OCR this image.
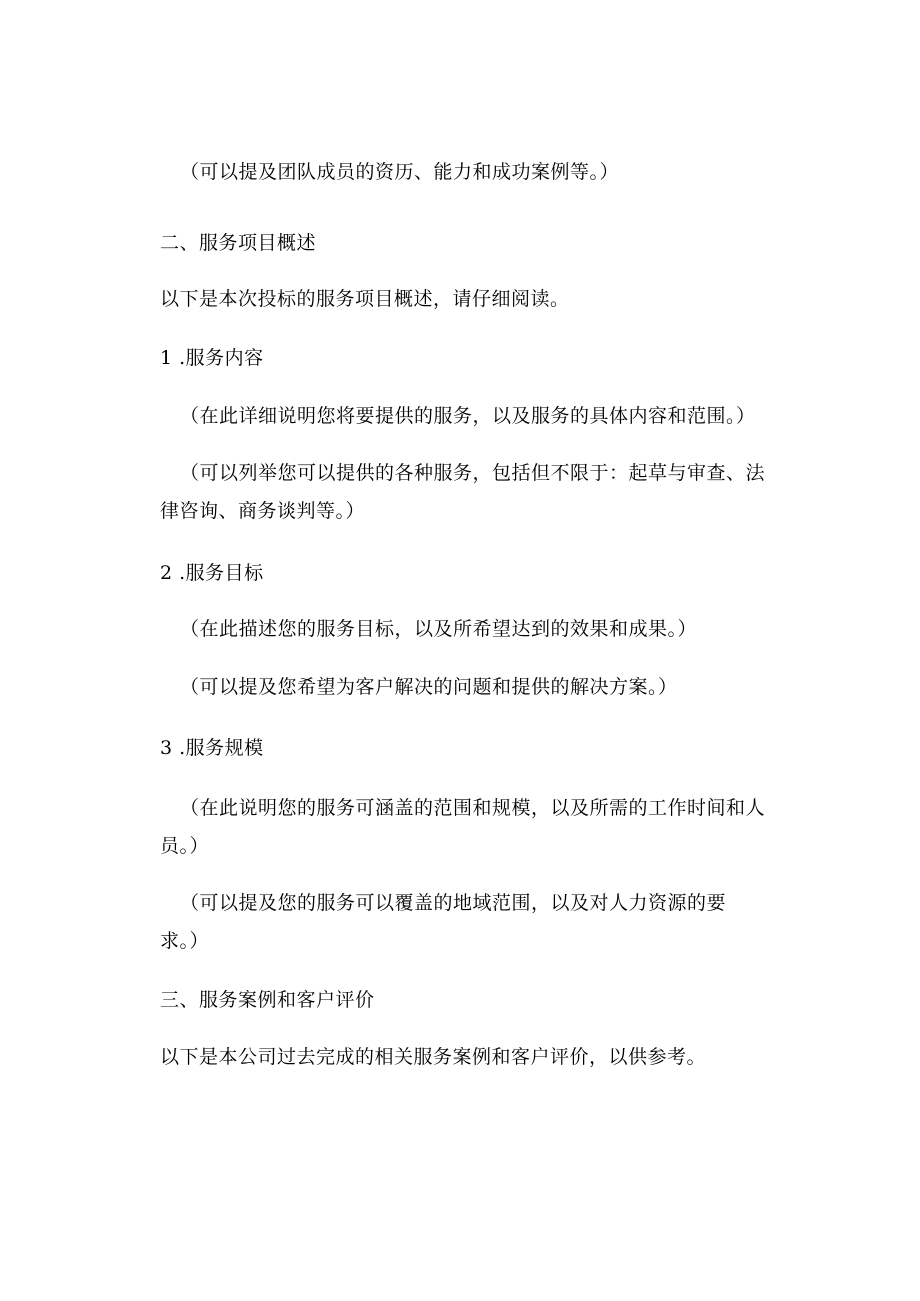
（可以提及团队成员的资历、能力和成功案例等。）
二、服务项目概述
以下是本次投标的服务项目概述，请仔细阅读。
1 .服务内容
（在此详细说明您将要提供的服务，以及服务的具体内容和范围。）
（可以列举您可以提供的各种服务，包括但不限于：起草与审查、法
律咨询、商务谈判等。）
2 .服务目标
（在此描述您的服务目标，以及所希望达到的效果和成果。）
（可以提及您希望为客户解决的问题和提供的解决方案。）
3 .服务规模
（在此说明您的服务可涵盖的范围和规模，以及所需的工作时间和人
员。）
（可以提及您的服务可以覆盖的地域范围，以及对人力资源的要
求。）
三、服务案例和客户评价
以下是本公司过去完成的相关服务案例和客户评价，以供参考。
